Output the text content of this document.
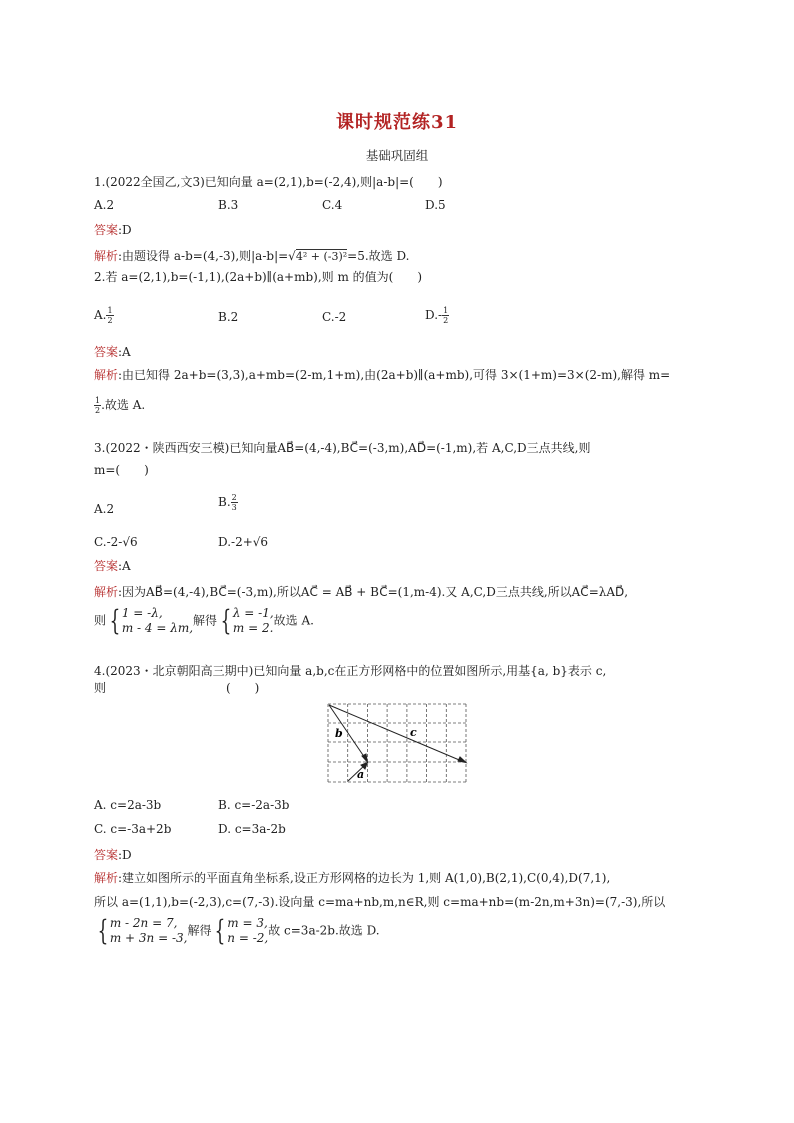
课时规范练31
基础巩固组
1.(2022全国乙,文3)已知向量 a=(2,1),b=(-2,4),则|a-b|=(　　)
A.2	B.3	C.4	D.5
答案:D
解析:由题设得 a-b=(4,-3),则|a-b|=√4² + (-3)²=5.故选 D.
2.若 a=(2,1),b=(-1,1),(2a+b)∥(a+mb),则 m 的值为(　　)
A. $\frac{1}{2}$	B.2	C.-2	$D.- \frac{1}{2}$
答案:A
解析:由已知得 2a+b=(3,3),a+mb=(2-m,1+m),由(2a+b)∥(a+mb),可得 3×(1+m)=3×(2-m),解得 m=
$\frac{1}{2}$ .故选 A.
3.(2022・陕西西安三模)已知向量AB⃗=(4,-4),BC⃗=(-3,m),AD⃗=(-1,m),若 A,C,D三点共线,则
m=(　　)
A.2	B. $\frac{2}{3}$
C.-2-√6	D.-2+√6
答案:A
解析:因为AB⃗=(4,-4),BC⃗=(-3,m),所以AC⃗ = AB⃗ + BC⃗=(1,m-4).又 A,C,D三点共线,所以AC⃗=λAD⃗,
则 { 1 = -λ,
m - 4 = λm,
解得 { λ = -1,
m = 2.
故选 A.
4.(2023・北京朝阳高三期中)已知向量 a,b,c在正方形网格中的位置如图所示,用基{a, b}表示 c,
则　　　　　　　　　　(　　)
b	c
a
A. c=2a-3b	B. c=-2a-3b
C. c=-3a+2b	D. c=3a-2b
答案:D
解析:建立如图所示的平面直角坐标系,设正方形网格的边长为 1,则 A(1,0),B(2,1),C(0,4),D(7,1),
所以 a=(1,1),b=(-2,3),c=(7,-3).设向量 c=ma+nb,m,n∈R,则 c=ma+nb=(m-2n,m+3n)=(7,-3),所以
{ m - 2n = 7,
m + 3n = -3,
解得 { m = 3,
n = -2,
故 c=3a-2b.故选 D.
